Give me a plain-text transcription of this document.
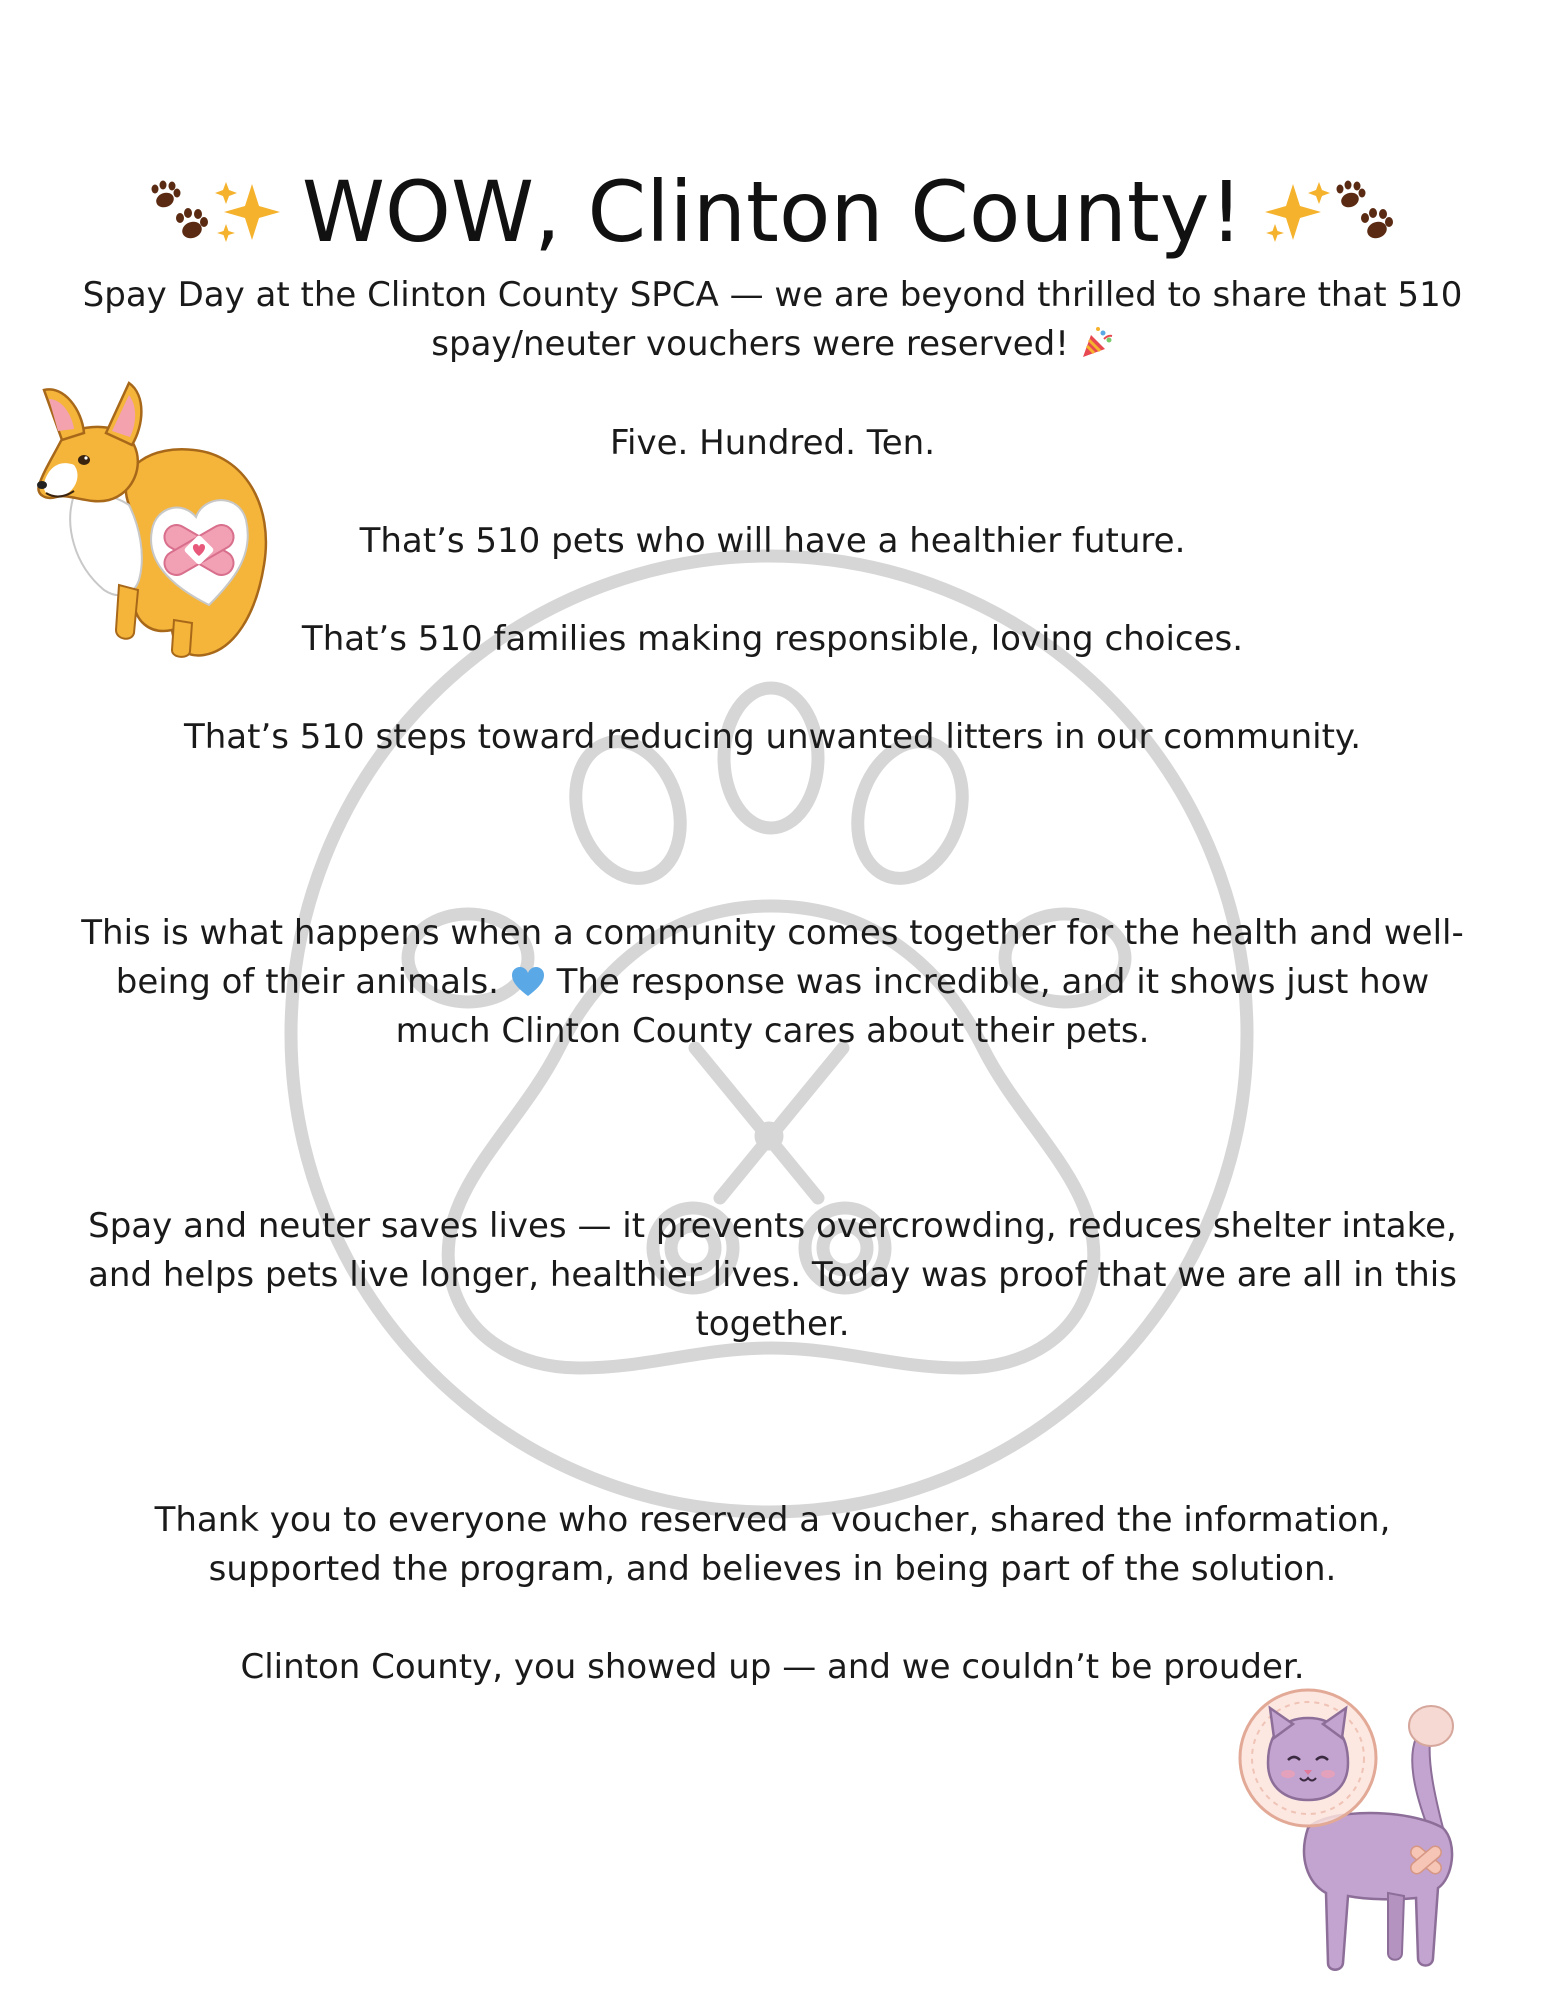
WOW, Clinton County!
Spay Day at the Clinton County SPCA — we are beyond thrilled to share that 510
spay/neuter vouchers were reserved!
Five. Hundred. Ten.
That’s 510 pets who will have a healthier future.
That’s 510 families making responsible, loving choices.
That’s 510 steps toward reducing unwanted litters in our community.
This is what happens when a community comes together for the health and well-
being of their animals. The response was incredible, and it shows just how
much Clinton County cares about their pets.
Spay and neuter saves lives — it prevents overcrowding, reduces shelter intake,
and helps pets live longer, healthier lives. Today was proof that we are all in this
together.
Thank you to everyone who reserved a voucher, shared the information,
supported the program, and believes in being part of the solution.
Clinton County, you showed up — and we couldn’t be prouder.
